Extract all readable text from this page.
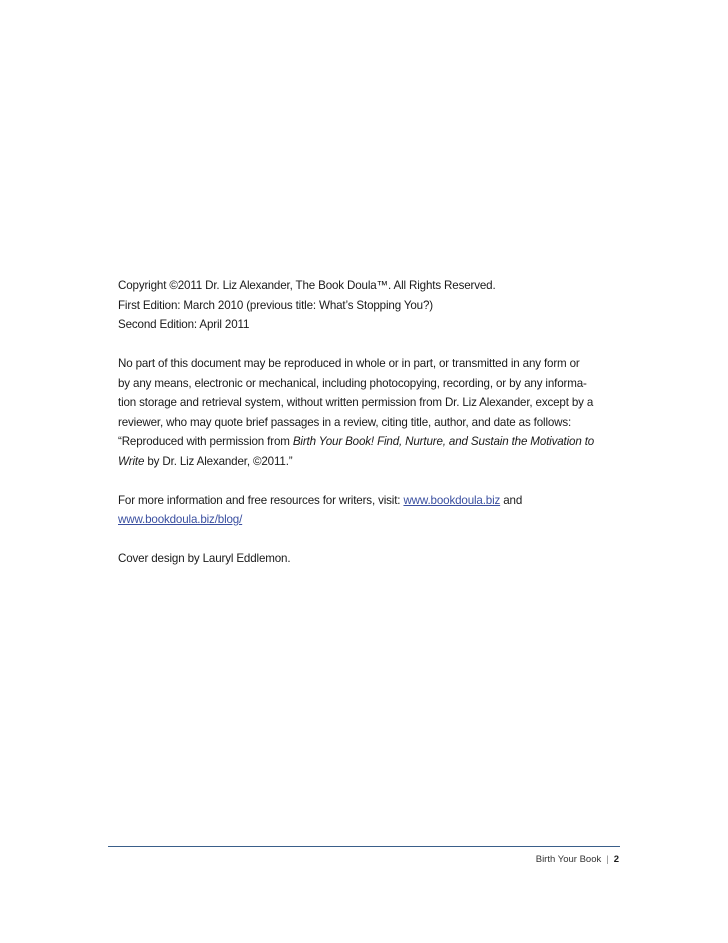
Copyright ©2011 Dr. Liz Alexander, The Book Doula™. All Rights Reserved.

First Edition: March 2010 (previous title: What’s Stopping You?)

Second Edition: April 2011

No part of this document may be reproduced in whole or in part, or transmitted in any form or

by any means, electronic or mechanical, including photocopying, recording, or by any informa-

tion storage and retrieval system, without written permission from Dr. Liz Alexander, except by a

reviewer, who may quote brief passages in a review, citing title, author, and date as follows:

“Reproduced with permission from Birth Your Book! Find, Nurture, and Sustain the Motivation to

Write by Dr. Liz Alexander, ©2011.”

For more information and free resources for writers, visit: www.bookdoula.biz and

www.bookdoula.biz/blog/

Cover design by Lauryl Eddlemon.

Birth Your Book | 2
